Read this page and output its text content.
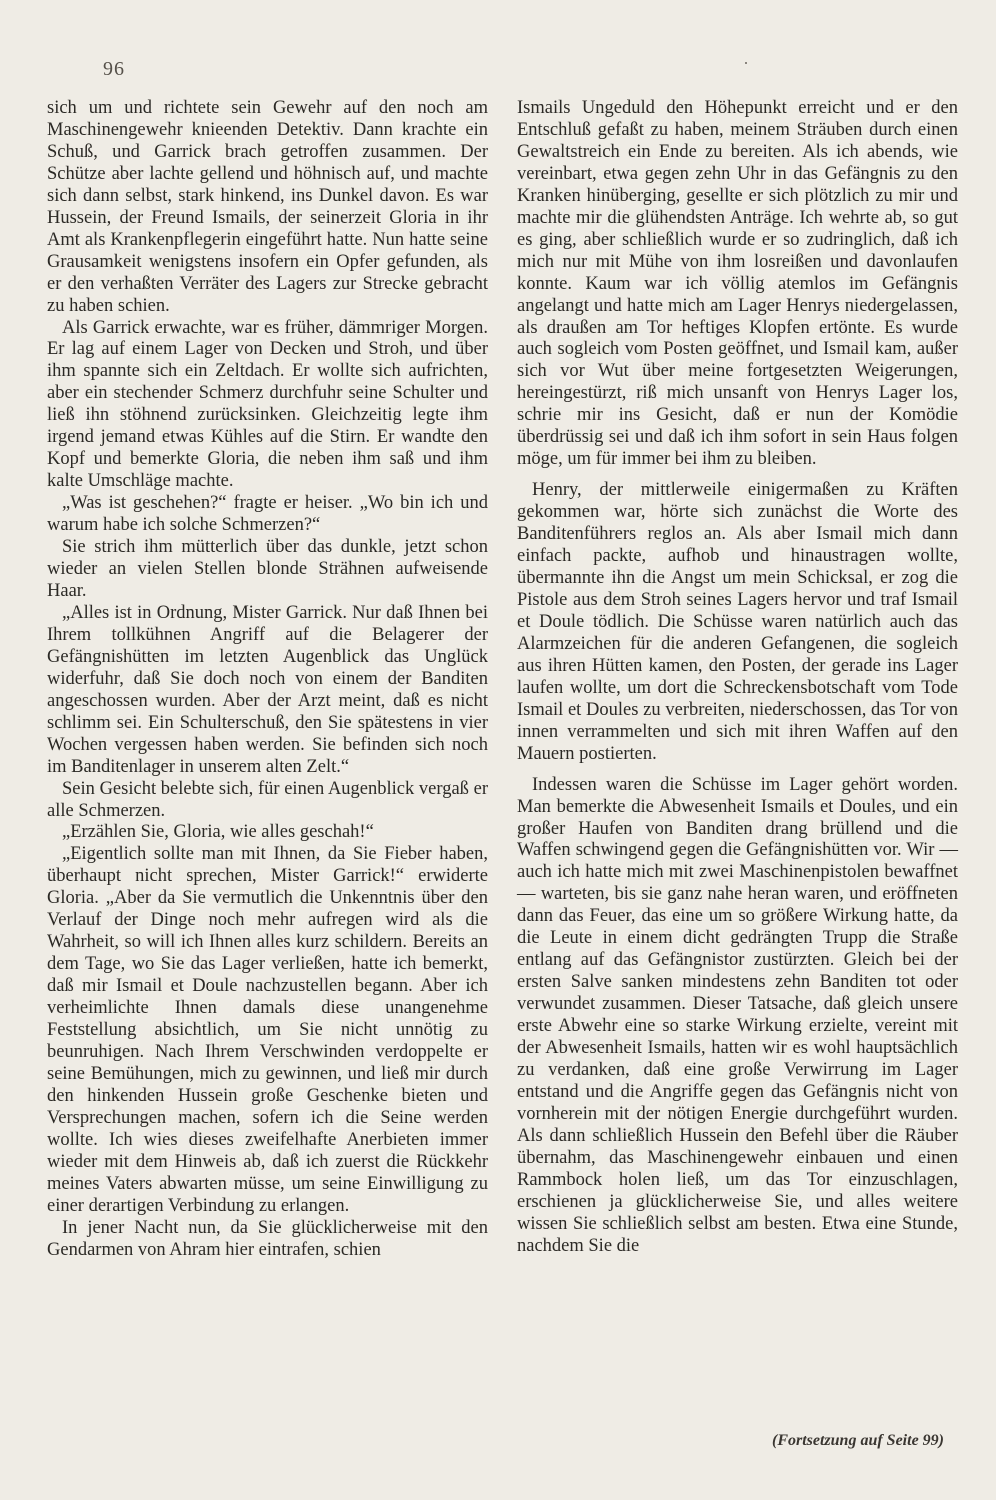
96

sich um und richtete sein Gewehr auf den noch am Maschinengewehr knieenden Detektiv. Dann krachte ein Schuß, und Garrick brach getroffen zusammen. Der Schütze aber lachte gellend und höhnisch auf, und machte sich dann selbst, stark hinkend, ins Dunkel davon. Es war Hussein, der Freund Ismails, der seinerzeit Gloria in ihr Amt als Krankenpflegerin eingeführt hatte. Nun hatte seine Grausamkeit wenigstens insofern ein Opfer gefunden, als er den verhaßten Verräter des Lagers zur Strecke gebracht zu haben schien.

Als Garrick erwachte, war es früher, dämmriger Morgen. Er lag auf einem Lager von Decken und Stroh, und über ihm spannte sich ein Zeltdach. Er wollte sich aufrichten, aber ein stechender Schmerz durchfuhr seine Schulter und ließ ihn stöhnend zurücksinken. Gleichzeitig legte ihm irgend jemand etwas Kühles auf die Stirn. Er wandte den Kopf und bemerkte Gloria, die neben ihm saß und ihm kalte Umschläge machte.

„Was ist geschehen?“ fragte er heiser. „Wo bin ich und warum habe ich solche Schmerzen?“

Sie strich ihm mütterlich über das dunkle, jetzt schon wieder an vielen Stellen blonde Strähnen aufweisende Haar.

„Alles ist in Ordnung, Mister Garrick. Nur daß Ihnen bei Ihrem tollkühnen Angriff auf die Belagerer der Gefängnishütten im letzten Augenblick das Unglück widerfuhr, daß Sie doch noch von einem der Banditen angeschossen wurden. Aber der Arzt meint, daß es nicht schlimm sei. Ein Schulterschuß, den Sie spätestens in vier Wochen vergessen haben werden. Sie befinden sich noch im Banditenlager in unserem alten Zelt.“

Sein Gesicht belebte sich, für einen Augenblick vergaß er alle Schmerzen.

„Erzählen Sie, Gloria, wie alles geschah!“

„Eigentlich sollte man mit Ihnen, da Sie Fieber haben, überhaupt nicht sprechen, Mister Garrick!“ erwiderte Gloria. „Aber da Sie vermutlich die Unkenntnis über den Verlauf der Dinge noch mehr aufregen wird als die Wahrheit, so will ich Ihnen alles kurz schildern. Bereits an dem Tage, wo Sie das Lager verließen, hatte ich bemerkt, daß mir Ismail et Doule nachzustellen begann. Aber ich verheimlichte Ihnen damals diese unangenehme Feststellung absichtlich, um Sie nicht unnötig zu beunruhigen. Nach Ihrem Verschwinden verdoppelte er seine Bemühungen, mich zu gewinnen, und ließ mir durch den hinkenden Hussein große Geschenke bieten und Versprechungen machen, sofern ich die Seine werden wollte. Ich wies dieses zweifelhafte Anerbieten immer wieder mit dem Hinweis ab, daß ich zuerst die Rückkehr meines Vaters abwarten müsse, um seine Einwilligung zu einer derartigen Verbindung zu erlangen.

In jener Nacht nun, da Sie glücklicherweise mit den Gendarmen von Ahram hier eintrafen, schien

Ismails Ungeduld den Höhepunkt erreicht und er den Entschluß gefaßt zu haben, meinem Sträuben durch einen Gewaltstreich ein Ende zu bereiten. Als ich abends, wie vereinbart, etwa gegen zehn Uhr in das Gefängnis zu den Kranken hinüberging, gesellte er sich plötzlich zu mir und machte mir die glühendsten Anträge. Ich wehrte ab, so gut es ging, aber schließlich wurde er so zudringlich, daß ich mich nur mit Mühe von ihm losreißen und davonlaufen konnte. Kaum war ich völlig atemlos im Gefängnis angelangt und hatte mich am Lager Henrys niedergelassen, als draußen am Tor heftiges Klopfen ertönte. Es wurde auch sogleich vom Posten geöffnet, und Ismail kam, außer sich vor Wut über meine fortgesetzten Weigerungen, hereingestürzt, riß mich unsanft von Henrys Lager los, schrie mir ins Gesicht, daß er nun der Komödie überdrüssig sei und daß ich ihm sofort in sein Haus folgen möge, um für immer bei ihm zu bleiben.

Henry, der mittlerweile einigermaßen zu Kräften gekommen war, hörte sich zunächst die Worte des Banditenführers reglos an. Als aber Ismail mich dann einfach packte, aufhob und hinaustragen wollte, übermannte ihn die Angst um mein Schicksal, er zog die Pistole aus dem Stroh seines Lagers hervor und traf Ismail et Doule tödlich. Die Schüsse waren natürlich auch das Alarmzeichen für die anderen Gefangenen, die sogleich aus ihren Hütten kamen, den Posten, der gerade ins Lager laufen wollte, um dort die Schreckensbotschaft vom Tode Ismail et Doules zu verbreiten, niederschossen, das Tor von innen verrammelten und sich mit ihren Waffen auf den Mauern postierten.

Indessen waren die Schüsse im Lager gehört worden. Man bemerkte die Abwesenheit Ismails et Doules, und ein großer Haufen von Banditen drang brüllend und die Waffen schwingend gegen die Gefängnishütten vor. Wir — auch ich hatte mich mit zwei Maschinenpistolen bewaffnet — warteten, bis sie ganz nahe heran waren, und eröffneten dann das Feuer, das eine um so größere Wirkung hatte, da die Leute in einem dicht gedrängten Trupp die Straße entlang auf das Gefängnistor zustürzten. Gleich bei der ersten Salve sanken mindestens zehn Banditen tot oder verwundet zusammen. Dieser Tatsache, daß gleich unsere erste Abwehr eine so starke Wirkung erzielte, vereint mit der Abwesenheit Ismails, hatten wir es wohl hauptsächlich zu verdanken, daß eine große Verwirrung im Lager entstand und die Angriffe gegen das Gefängnis nicht von vornherein mit der nötigen Energie durchgeführt wurden. Als dann schließlich Hussein den Befehl über die Räuber übernahm, das Maschinengewehr einbauen und einen Rammbock holen ließ, um das Tor einzuschlagen, erschienen ja glücklicherweise Sie, und alles weitere wissen Sie schließlich selbst am besten. Etwa eine Stunde, nachdem Sie die

(Fortsetzung auf Seite 99)
